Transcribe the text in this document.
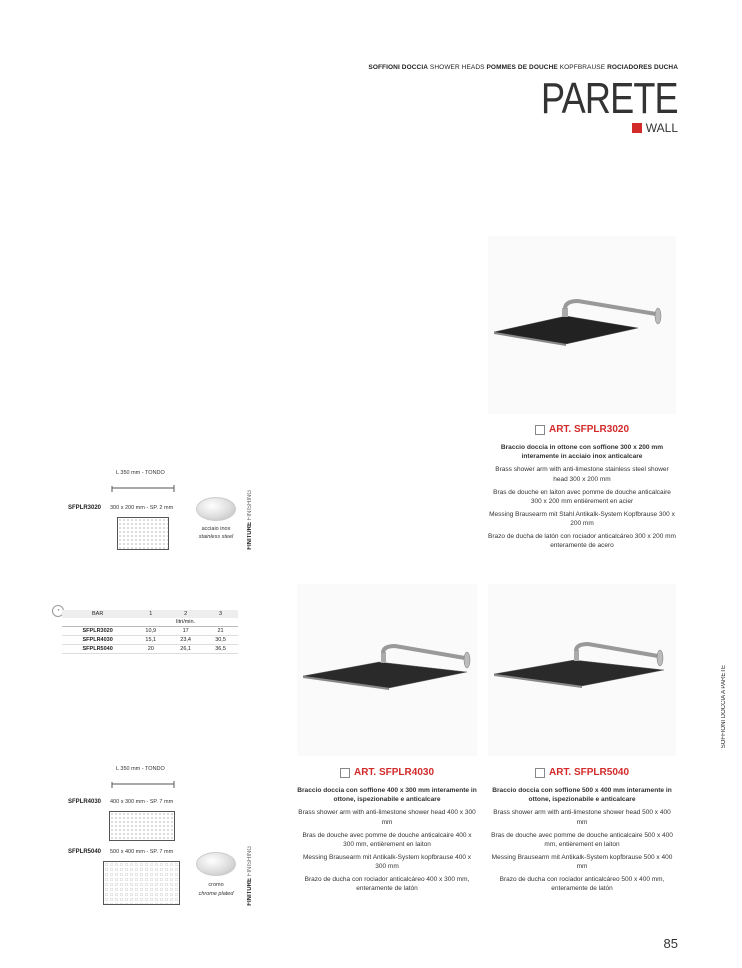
SOFFIONI DOCCIA SHOWER HEADS POMMES DE DOUCHE KOPFBRAUSE ROCIADORES DUCHA
PARETE
WALL
ART. SFPLR3020
Braccio doccia in ottone con soffione 300 x 200 mm interamente in acciaio inox anticalcare

Brass shower arm with anti-limestone stainless steel shower head 300 x 200 mm

Bras de douche en laiton avec pomme de douche anticalcaire 300 x 200 mm entièrement en acier

Messing Brausearm mit Stahl Antikalk-System Kopfbrause 300 x 200 mm

Brazo de ducha de latón con rociador anticalcáreo 300 x 200 mm enteramente de acero

L 350 mm - TONDO
SFPLR3020 300 x 200 mm - SP. 2 mm
acciaio inox
stainless steel	FINITURE FINISHING
◔	BAR	1	2	3
	litri/min.		
SFPLR3020	10,9	17	21
SFPLR4030	15,1	23,4	30,5
SFPLR5040	20	26,1	36,5
ART. SFPLR4030
Braccio doccia con soffione 400 x 300 mm interamente in ottone, ispezionabile e anticalcare

Brass shower arm with anti-limestone shower head 400 x 300 mm

Bras de douche avec pomme de douche anticalcaire 400 x 300 mm, entièrement en laiton

Messing Brausearm mit Antikalk-System kopfbrause 400 x 300 mm

Brazo de ducha con rociador anticalcáreo 400 x 300 mm, enteramente de latón

ART. SFPLR5040
Braccio doccia con soffione 500 x 400 mm interamente in ottone, ispezionabile e anticalcare

Brass shower arm with anti-limestone shower head 500 x 400 mm

Bras de douche avec pomme de douche anticalcaire 500 x 400 mm, entièrement en laiton

Messing Brausearm mit Antikalk-System kopfbrause 500 x 400 mm

Brazo de ducha con rociador anticalcáreo 500 x 400 mm, enteramente de latón

L 350 mm - TONDO
SFPLR4030 400 x 300 mm - SP. 7 mm
SFPLR5040 500 x 400 mm - SP. 7 mm
cromo
chrome plated	FINITURE FINISHING
SOFFIONI DOCCIA A PARETE
85
